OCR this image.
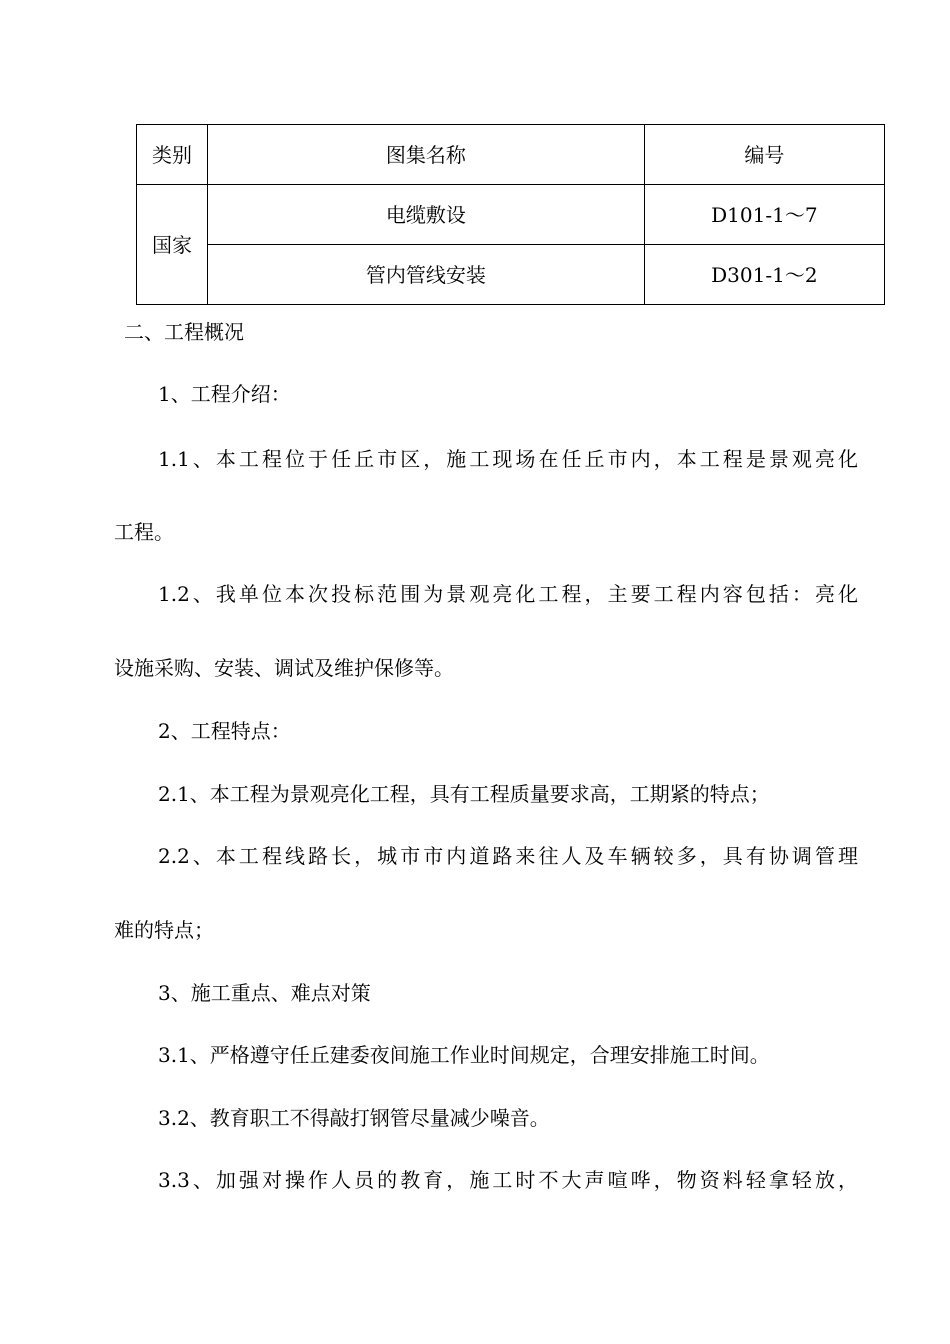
类别	图集名称	编号
国家	电缆敷设	D101-1～7
	管内管线安装	D301-1～2

二、工程概况

1、工程介绍：

1.1、本工程位于任丘市区，施工现场在任丘市内，本工程是景观亮化

工程。

1.2、我单位本次投标范围为景观亮化工程，主要工程内容包括：亮化

设施采购、安装、调试及维护保修等。

2、工程特点：

2.1、本工程为景观亮化工程，具有工程质量要求高，工期紧的特点；

2.2、本工程线路长，城市市内道路来往人及车辆较多，具有协调管理

难的特点；

3、施工重点、难点对策

3.1、严格遵守任丘建委夜间施工作业时间规定，合理安排施工时间。

3.2、教育职工不得敲打钢管尽量减少噪音。

3.3、加强对操作人员的教育，施工时不大声喧哗，物资料轻拿轻放，
